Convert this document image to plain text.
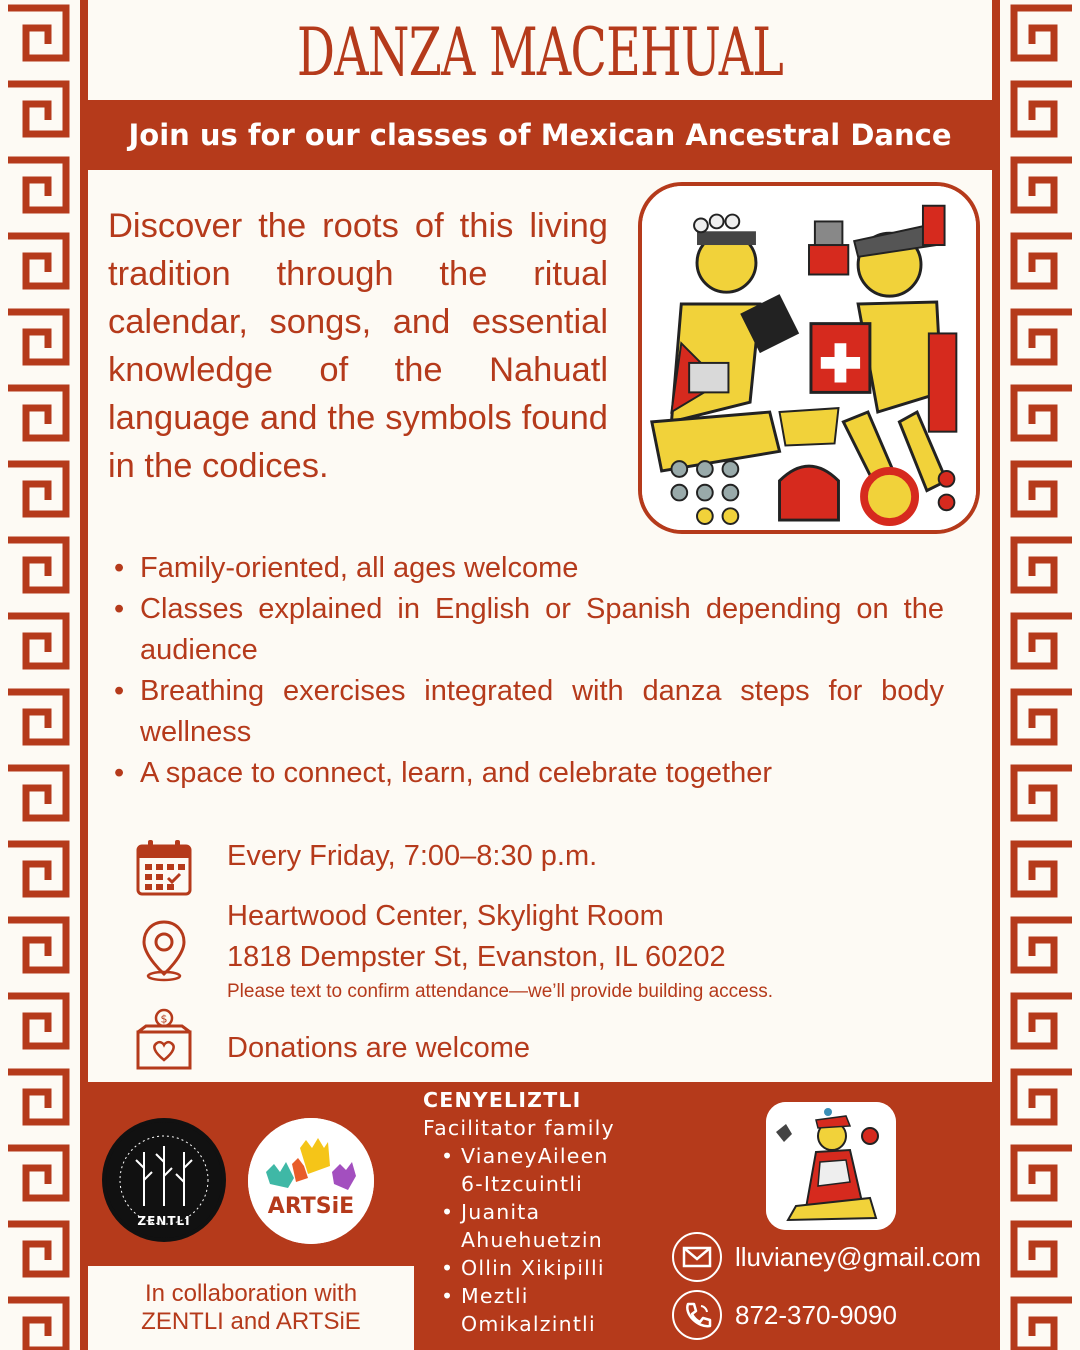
DANZA MACEHUAL
Join us for our classes of Mexican Ancestral Dance
Discover the roots of this living tradition through the ritual calendar, songs, and essential knowledge of the Nahuatl language and the symbols found in the codices.
• Family-oriented, all ages welcome
• Classes explained in English or Spanish depending on the audience
• Breathing exercises integrated with danza steps for body wellness
• A space to connect, learn, and celebrate together
Every Friday, 7:00–8:30 p.m.
Heartwood Center, Skylight Room
1818 Dempster St, Evanston, IL 60202
Please text to confirm attendance—we’ll provide building access.
$
Donations are welcome
ZENTLI
ARTSiE
In collaboration with
ZENTLI and ARTSiE
CENYELIZTLI
Facilitator family
• VianeyAileen
6-Itzcuintli
• Juanita
Ahuehuetzin
• Ollin Xikipilli
• Meztli
Omikalzintli
lluvianey@gmail.com
872-370-9090
